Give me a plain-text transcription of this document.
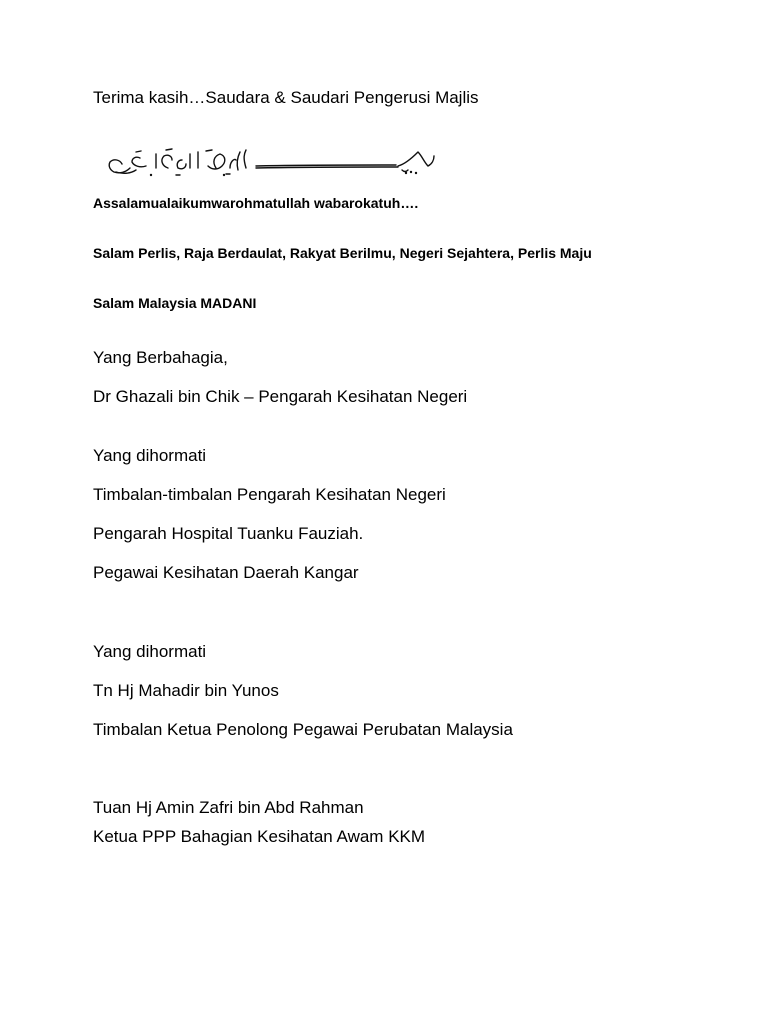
Terima kasih…Saudara & Saudari Pengerusi Majlis
Assalamualaikumwarohmatullah wabarokatuh….
Salam Perlis, Raja Berdaulat, Rakyat Berilmu, Negeri Sejahtera, Perlis Maju
Salam Malaysia MADANI
Yang Berbahagia,
Dr Ghazali bin Chik – Pengarah Kesihatan Negeri
Yang dihormati
Timbalan-timbalan Pengarah Kesihatan Negeri
Pengarah Hospital Tuanku Fauziah.
Pegawai Kesihatan Daerah Kangar
Yang dihormati
Tn Hj Mahadir bin Yunos
Timbalan Ketua Penolong Pegawai Perubatan Malaysia
Tuan Hj Amin Zafri bin Abd Rahman
Ketua PPP Bahagian Kesihatan Awam KKM
